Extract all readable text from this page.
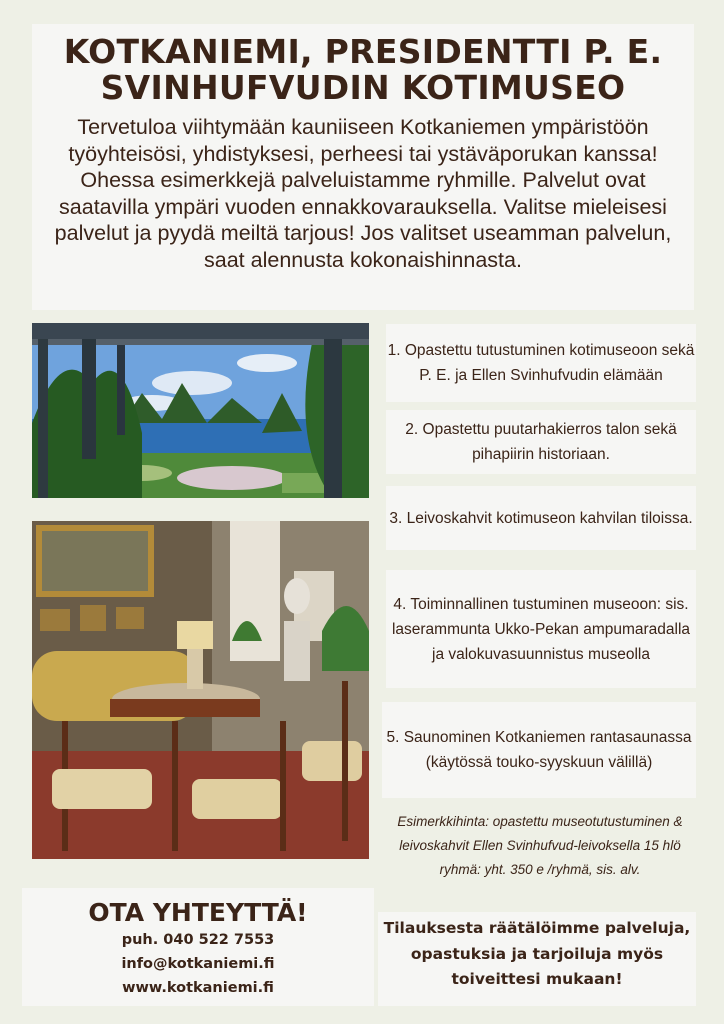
KOTKANIEMI, PRESIDENTTI P. E. SVINHUFVUDIN KOTIMUSEO
Tervetuloa viihtymään kauniiseen Kotkaniemen ympäristöön työyhteisösi, yhdistyksesi, perheesi tai ystäväporukan kanssa! Ohessa esimerkkejä palveluistamme ryhmille. Palvelut ovat saatavilla ympäri vuoden ennakkovarauksella. Valitse mieleisesi palvelut ja pyydä meiltä tarjous! Jos valitset useamman palvelun, saat alennusta kokonaishinnasta.
1. Opastettu tutustuminen kotimuseoon sekä P. E. ja Ellen Svinhufvudin elämään
2. Opastettu puutarhakierros talon sekä pihapiirin historiaan.
3. Leivoskahvit kotimuseon kahvilan tiloissa.
4. Toiminnallinen tustuminen museoon: sis. laserammunta Ukko-Pekan ampumaradalla ja valokuvasuunnistus museolla
5. Saunominen Kotkaniemen rantasaunassa (käytössä touko-syyskuun välillä)
Esimerkkihinta: opastettu museotutustuminen & leivoskahvit Ellen Svinhufvud-leivoksella 15 hlö ryhmä: yht. 350 e /ryhmä, sis. alv.
OTA YHTEYTTÄ!
puh. 040 522 7553
info@kotkaniemi.fi
www.kotkaniemi.fi
Tilauksesta räätälöimme palveluja, opastuksia ja tarjoiluja myös toiveittesi mukaan!
